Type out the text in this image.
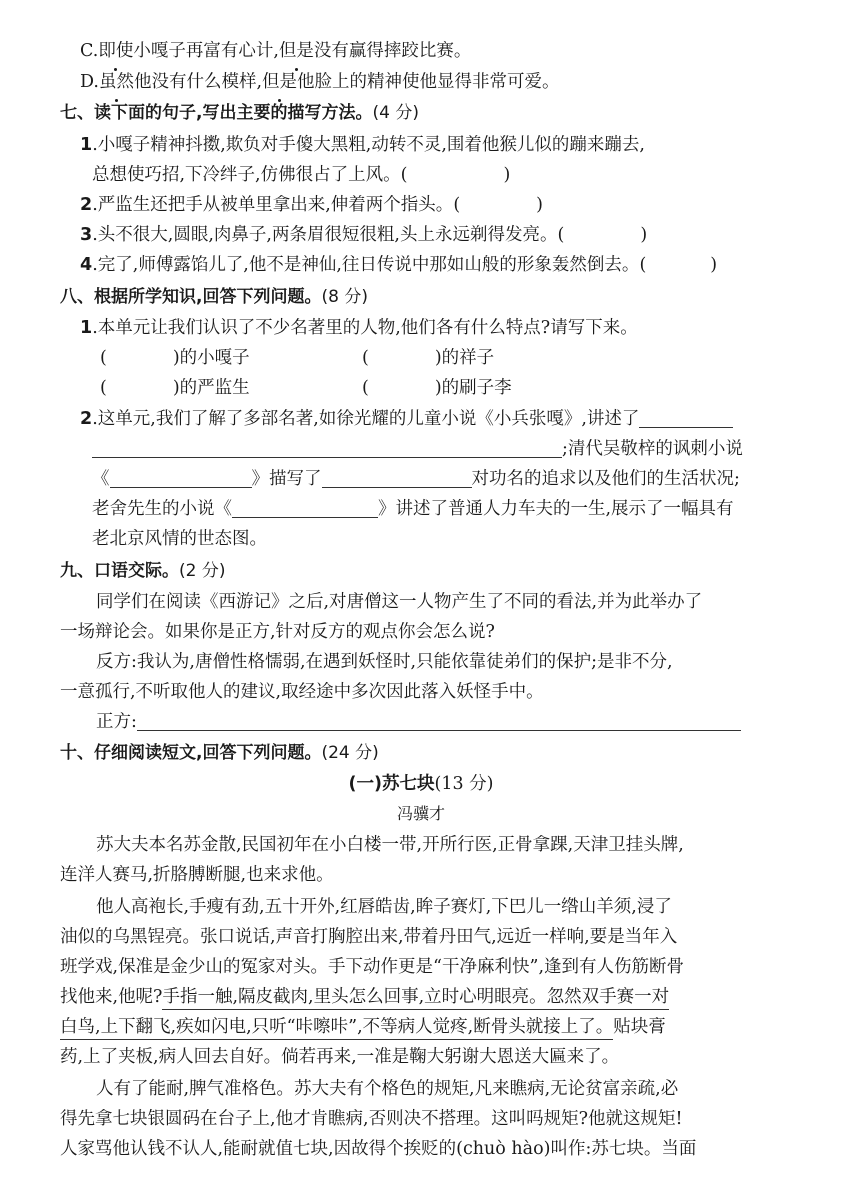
C.即使小嘎子再富有心计,但是没有赢得摔跤比赛。
D.虽然他没有什么模样,但是他脸上的精神使他显得非常可爱。
七、读下面的句子,写出主要的描写方法。(4 分)
1.小嘎子精神抖擞,欺负对手傻大黑粗,动转不灵,围着他猴儿似的蹦来蹦去,
总想使巧招,下冷绊子,仿佛很占了上风。(	)
2.严监生还把手从被单里拿出来,伸着两个指头。(	)
3.头不很大,圆眼,肉鼻子,两条眉很短很粗,头上永远剃得发亮。(	)
4.完了,师傅露馅儿了,他不是神仙,往日传说中那如山般的形象轰然倒去。(	)
八、根据所学知识,回答下列问题。(8 分)
1.本单元让我们认识了不少名著里的人物,他们各有什么特点?请写下来。
(	)的小嘎子	(	)的祥子
(	)的严监生	(	)的刷子李
2.这单元,我们了解了多部名著,如徐光耀的儿童小说《小兵张嘎》,讲述了
;清代吴敬梓的讽刺小说
《	》描写了	对功名的追求以及他们的生活状况;
老舍先生的小说《	》讲述了普通人力车夫的一生,展示了一幅具有
老北京风情的世态图。
九、口语交际。(2 分)
同学们在阅读《西游记》之后,对唐僧这一人物产生了不同的看法,并为此举办了
一场辩论会。如果你是正方,针对反方的观点你会怎么说?
反方:我认为,唐僧性格懦弱,在遇到妖怪时,只能依靠徒弟们的保护;是非不分,
一意孤行,不听取他人的建议,取经途中多次因此落入妖怪手中。
正方:
十、仔细阅读短文,回答下列问题。(24 分)
(一)苏七块(13 分)
冯骥才
苏大夫本名苏金散,民国初年在小白楼一带,开所行医,正骨拿踝,天津卫挂头牌,
连洋人赛马,折胳膊断腿,也来求他。
他人高袍长,手瘦有劲,五十开外,红唇皓齿,眸子赛灯,下巴儿一绺山羊须,浸了
油似的乌黑锃亮。张口说话,声音打胸腔出来,带着丹田气,远近一样响,要是当年入
班学戏,保准是金少山的冤家对头。手下动作更是“干净麻利快”,逢到有人伤筋断骨
找他来,他呢?手指一触,隔皮截肉,里头怎么回事,立时心明眼亮。忽然双手赛一对
白鸟,上下翻飞,疾如闪电,只听“咔嚓咔”,不等病人觉疼,断骨头就接上了。贴块膏
药,上了夹板,病人回去自好。倘若再来,一准是鞠大躬谢大恩送大匾来了。
人有了能耐,脾气准格色。苏大夫有个格色的规矩,凡来瞧病,无论贫富亲疏,必
得先拿七块银圆码在台子上,他才肯瞧病,否则决不搭理。这叫吗规矩?他就这规矩!
人家骂他认钱不认人,能耐就值七块,因故得个挨贬的(chuò hào)叫作:苏七块。当面
